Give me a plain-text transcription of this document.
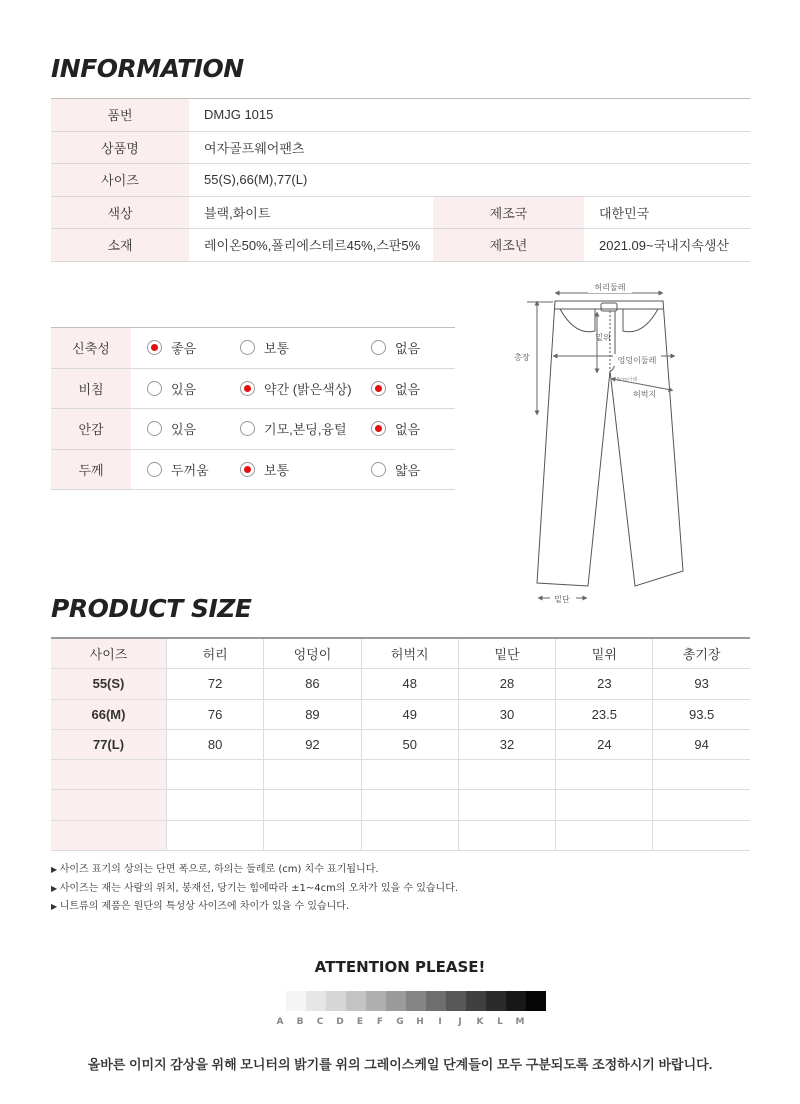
INFORMATION
품번	DMJG 1015
상품명	여자골프웨어팬츠
사이즈	55(S),66(M),77(L)
색상	블랙,화이트	제조국	대한민국
소재	레이온50%,폴리에스테르45%,스판5%	제조년	2021.09~국내지속생산
신축성	좋음	보통	없음
비침	있음	약간 (밝은색상)	없음
안감	있음	기모,본딩,융털	없음
두께	두꺼움	보통	얇음
허리둘레
밑위
총장	엉덩이둘레
5cm아래
허벅지
밑단
PRODUCT SIZE
사이즈	허리	엉덩이	허벅지	밑단	밑위	총기장
55(S)	72	86	48	28	23	93
66(M)	76	89	49	30	23.5	93.5
77(L)	80	92	50	32	24	94
▶ 사이즈 표기의 상의는 단면 폭으로, 하의는 둘레로 (cm) 치수 표기됩니다.
▶ 사이즈는 재는 사람의 위치, 봉재선, 당기는 힘에따라 ±1~4cm의 오차가 있을 수 있습니다.
▶ 니트류의 제품은 원단의 특성상 사이즈에 차이가 있을 수 있습니다.
ATTENTION PLEASE!
A	B	C	D	E	F	G	H	I	J	K	L	M
올바른 이미지 감상을 위해 모니터의 밝기를 위의 그레이스케일 단계들이 모두 구분되도록 조정하시기 바랍니다.
